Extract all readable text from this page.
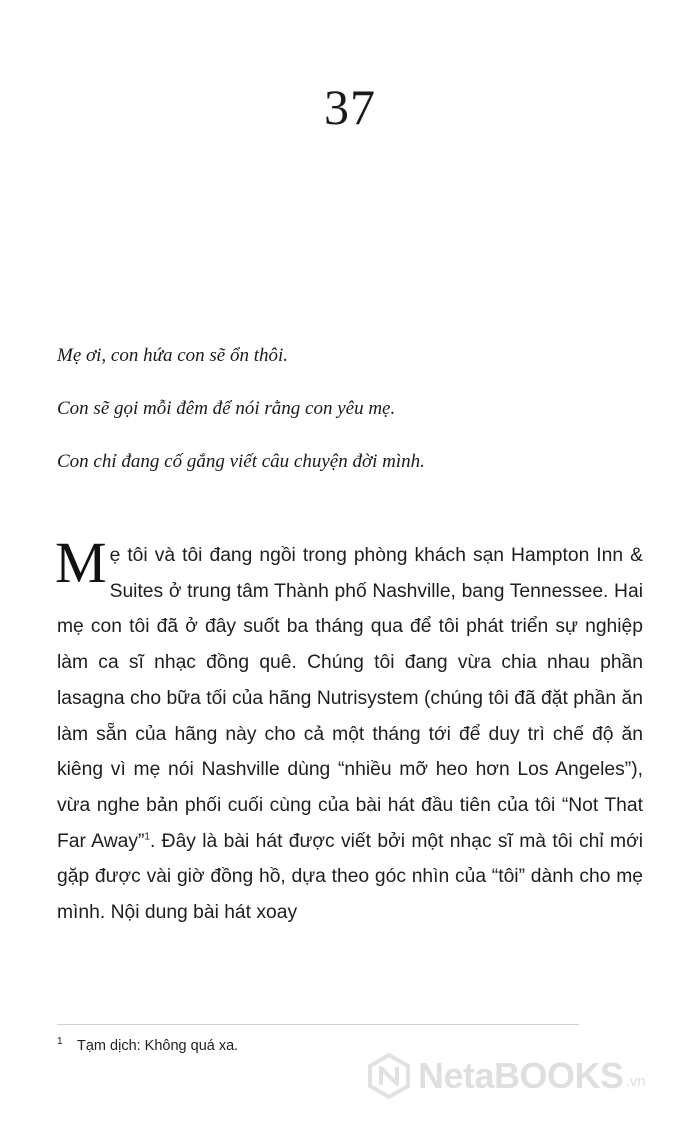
37

Mẹ ơi, con hứa con sẽ ổn thôi.

Con sẽ gọi mỗi đêm để nói rằng con yêu mẹ.

Con chỉ đang cố gắng viết câu chuyện đời mình.

Mẹ tôi và tôi đang ngồi trong phòng khách sạn Hampton Inn & Suites ở trung tâm Thành phố Nashville, bang Tennessee. Hai mẹ con tôi đã ở đây suốt ba tháng qua để tôi phát triển sự nghiệp làm ca sĩ nhạc đồng quê. Chúng tôi đang vừa chia nhau phần lasagna cho bữa tối của hãng Nutrisystem (chúng tôi đã đặt phần ăn làm sẵn của hãng này cho cả một tháng tới để duy trì chế độ ăn kiêng vì mẹ nói Nashville dùng “nhiều mỡ heo hơn Los Angeles”), vừa nghe bản phối cuối cùng của bài hát đầu tiên của tôi “Not That Far Away”$^1$. Đây là bài hát được viết bởi một nhạc sĩ mà tôi chỉ mới gặp được vài giờ đồng hồ, dựa theo góc nhìn của “tôi” dành cho mẹ mình. Nội dung bài hát xoay
$^1$ Tạm dịch: Không quá xa.
NetaBOOKS .vn
